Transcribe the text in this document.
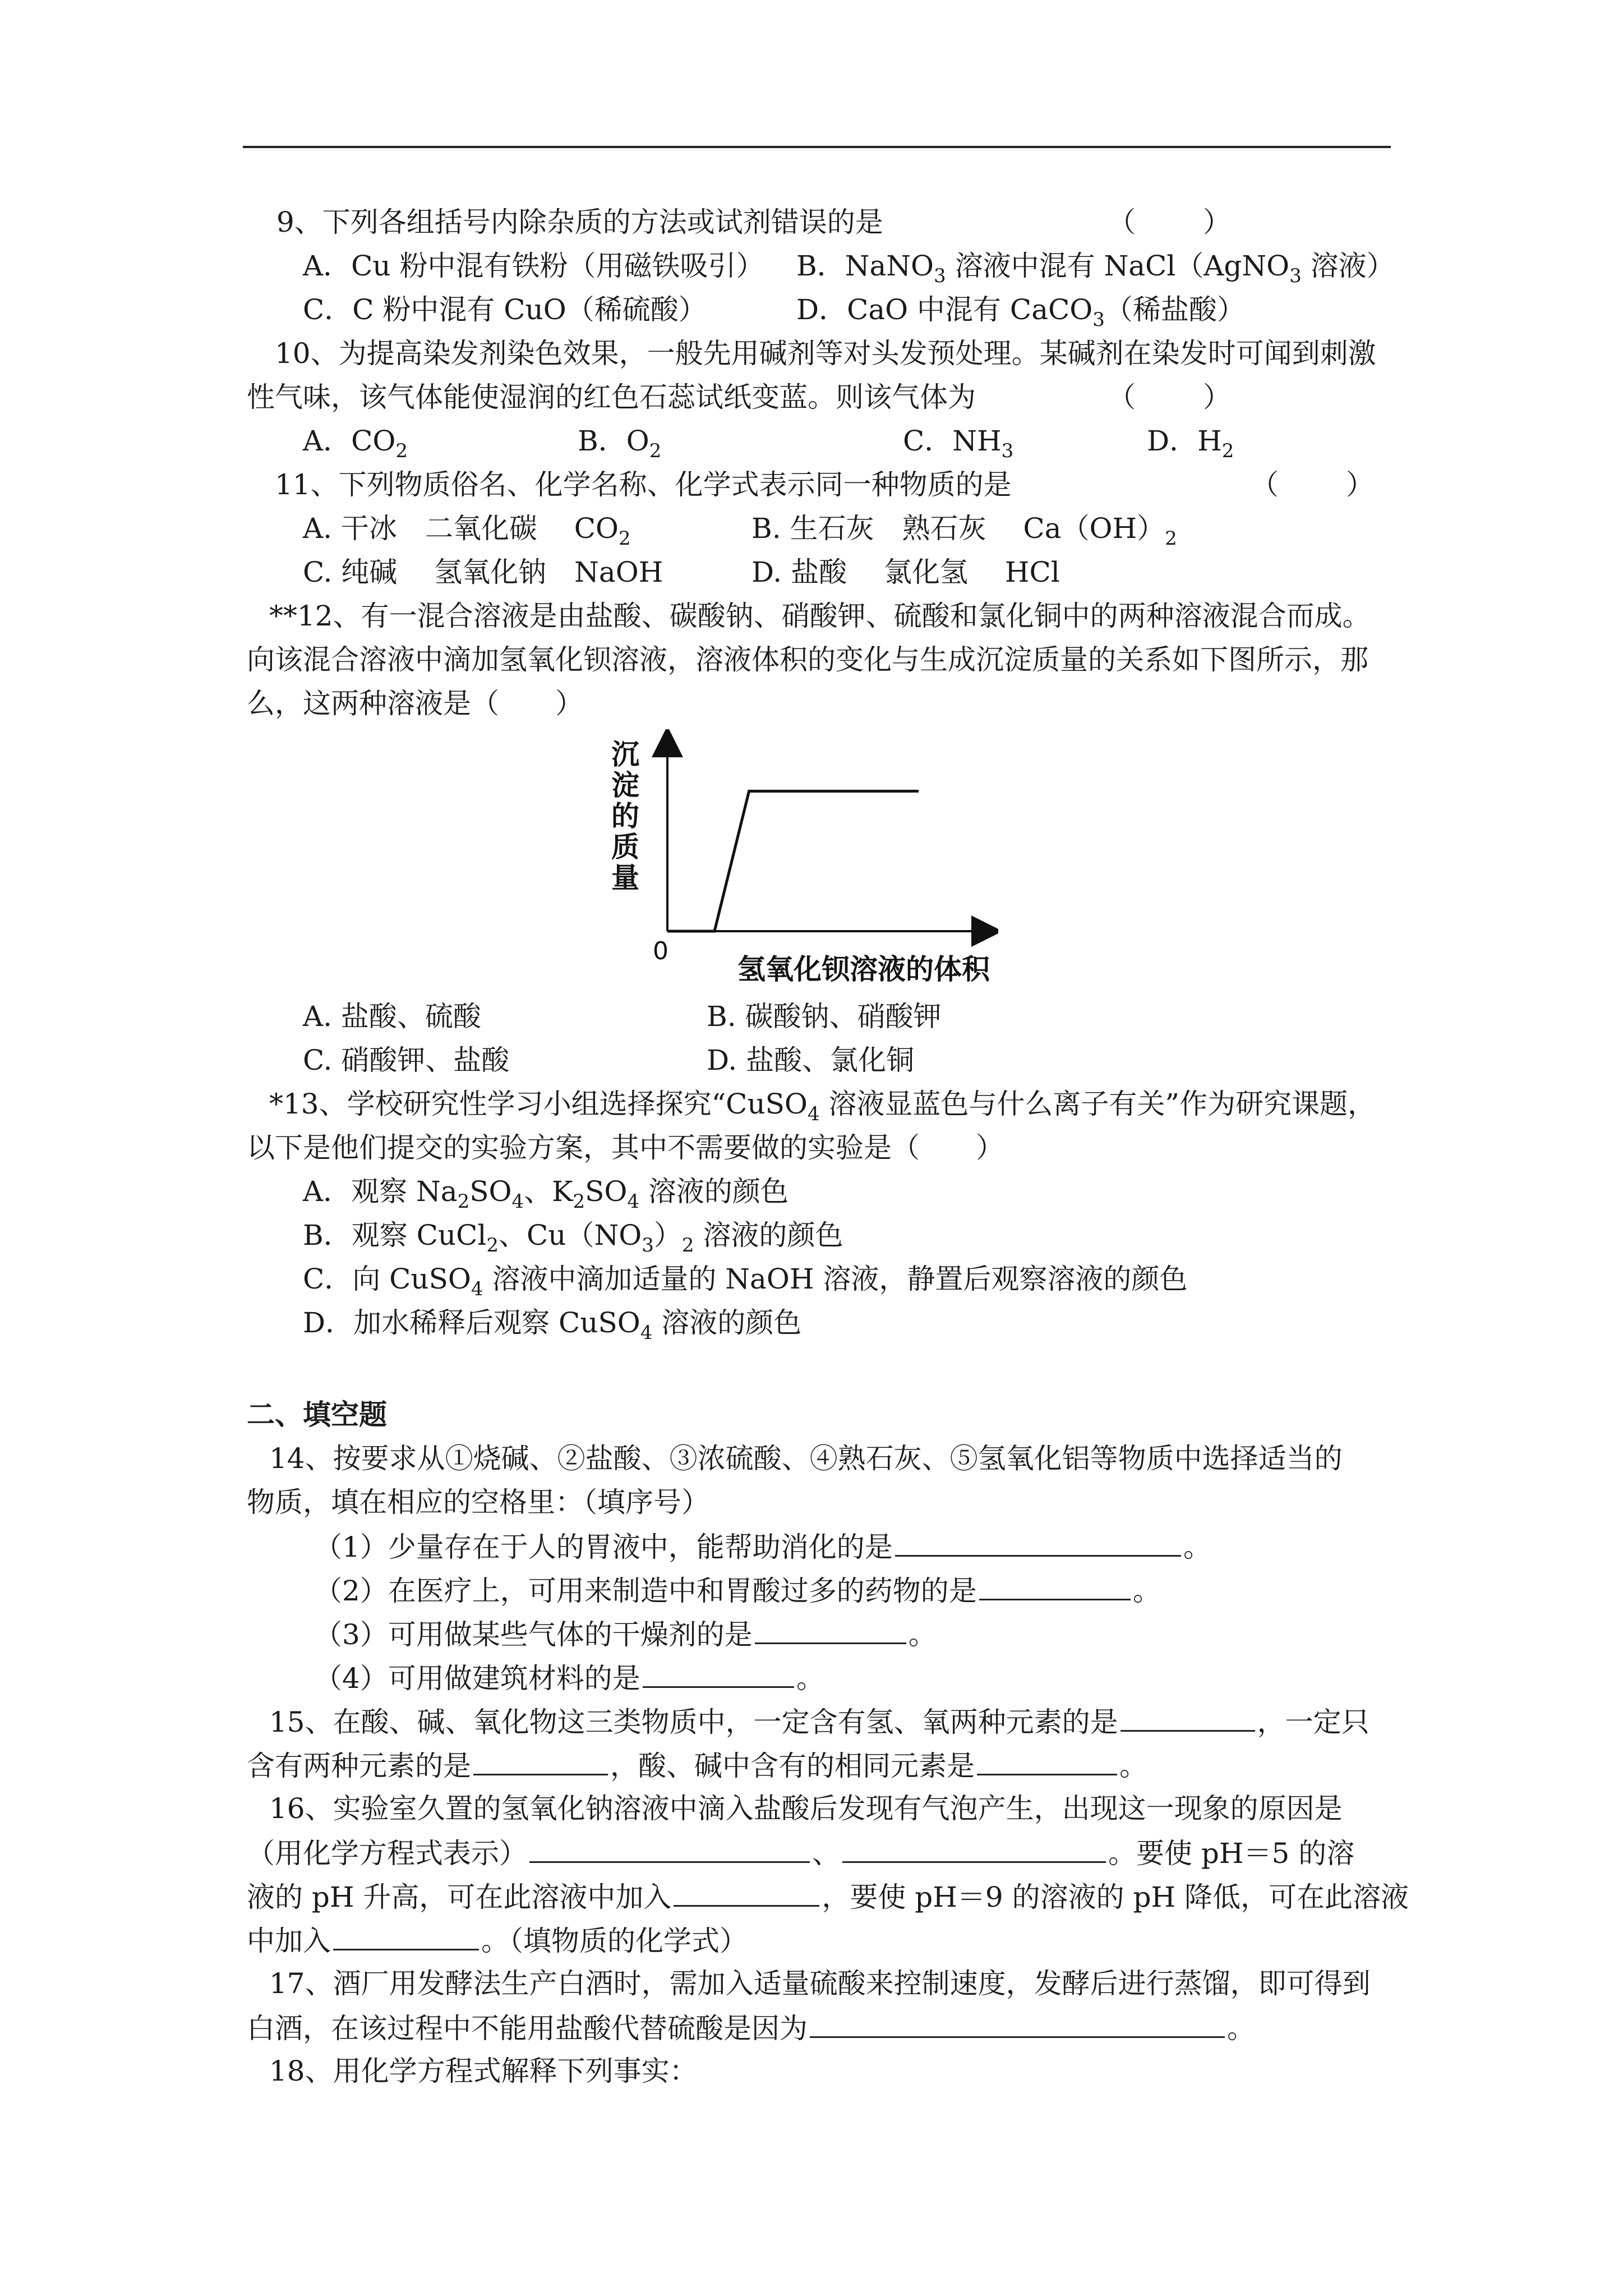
9、下列各组括号内除杂质的方法或试剂错误的是	（ ）
A．Cu 粉中混有铁粉（用磁铁吸引） B．NaNO$_3$ 溶液中混有 NaCl（AgNO$_3$ 溶液）
C．C 粉中混有 CuO（稀硫酸）	D．CaO 中混有 CaCO$_3$（稀盐酸）
10、为提高染发剂染色效果，一般先用碱剂等对头发预处理。某碱剂在染发时可闻到刺激
性气味，该气体能使湿润的红色石蕊试纸变蓝。则该气体为	（ ）
A．$CO_2$	B．$O_2$	C．$NH_3$	D．$H_2$
11、下列物质俗名、化学名称、化学式表示同一种物质的是	（ ）
A. 干冰　二氧化碳　 $CO_2$	B. 生石灰　熟石灰　 $Ca(OH)_2$
C. 纯碱　 氢氧化钠　NaOH	D. 盐酸　 氯化氢　 HCl
**12、有一混合溶液是由盐酸、碳酸钠、硝酸钾、硫酸和氯化铜中的两种溶液混合而成。
向该混合溶液中滴加氢氧化钡溶液，溶液体积的变化与生成沉淀质量的关系如下图所示，那
么，这两种溶液是（　　）
沉
淀
的
质
量
0
氢氧化钡溶液的体积
A. 盐酸、硫酸	B. 碳酸钠、硝酸钾
C. 硝酸钾、盐酸	D. 盐酸、氯化铜
*13、学校研究性学习小组选择探究“CuSO$_4$ 溶液显蓝色与什么离子有关”作为研究课题，
以下是他们提交的实验方案，其中不需要做的实验是（　　）
A．观察 $Na_2SO_4$、$K_2SO_4$ 溶液的颜色
B．观察 CuCl$_2$、$Cu(NO_3)_2$ 溶液的颜色
C．向 CuSO$_4$ 溶液中滴加适量的 NaOH 溶液，静置后观察溶液的颜色
D．加水稀释后观察 CuSO$_4$ 溶液的颜色
二、填空题
14、按要求从①烧碱、②盐酸、③浓硫酸、④熟石灰、⑤氢氧化铝等物质中选择适当的
物质，填在相应的空格里：（填序号）
（1）少量存在于人的胃液中，能帮助消化的是	。
（2）在医疗上，可用来制造中和胃酸过多的药物的是	。
（3）可用做某些气体的干燥剂的是	。
（4）可用做建筑材料的是	。
15、在酸、碱、氧化物这三类物质中，一定含有氢、氧两种元素的是	，一定只
含有两种元素的是	，酸、碱中含有的相同元素是	。
16、实验室久置的氢氧化钠溶液中滴入盐酸后发现有气泡产生，出现这一现象的原因是
（用化学方程式表示）	、	。要使 pH＝5 的溶
液的 pH 升高，可在此溶液中加入	，要使 pH＝9 的溶液的 pH 降低，可在此溶液
中加入	。（填物质的化学式）
17、酒厂用发酵法生产白酒时，需加入适量硫酸来控制速度，发酵后进行蒸馏，即可得到
白酒，在该过程中不能用盐酸代替硫酸是因为	。
18、用化学方程式解释下列事实：
